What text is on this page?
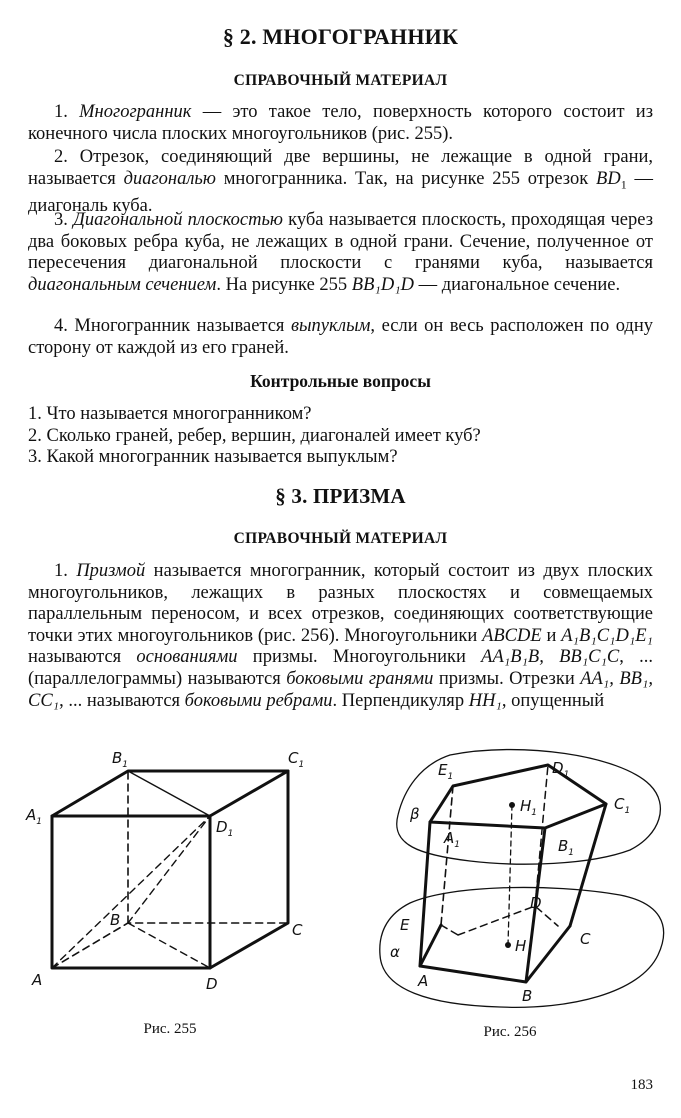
§ 2. МНОГОГРАННИК
СПРАВОЧНЫЙ МАТЕРИАЛ

1. Многогранник — это такое тело, поверхность которого состоит из конечного числа плоских многоугольников (рис. 255).

2. Отрезок, соединяющий две вершины, не лежащие в одной грани, называется диагональю многогранника. Так, на рисунке 255 отрезок $BD_1$ — диагональ куба.

3. Диагональной плоскостью куба называется плоскость, проходящая через два боковых ребра куба, не лежащих в одной грани. Сечение, полученное от пересечения диагональной плоскости с гранями куба, называется диагональным сечением. На рисунке 255 BB₁D₁D — диагональное сечение.

4. Многогранник называется выпуклым, если он весь расположен по одну сторону от каждой из его граней.

Контрольные вопросы
1. Что называется многогранником?
2. Сколько граней, ребер, вершин, диагоналей имеет куб?
3. Какой многогранник называется выпуклым?
§ 3. ПРИЗМА
СПРАВОЧНЫЙ МАТЕРИАЛ

1. Призмой называется многогранник, который состоит из двух плоских многоугольников, лежащих в разных плоскостях и совмещаемых параллельным переносом, и всех отрезков, соединяющих соответствующие точки этих многоугольников (рис. 256). Многоугольники ABCDE и A₁B₁C₁D₁E₁ называются основаниями призмы. Многоугольники AA₁B₁B, BB₁C₁C, ... (параллелограммы) называются боковыми гранями призмы. Отрезки AA₁, BB₁, CC₁, ... называются боковыми ребрами. Перпендикуляр HH₁, опущенный

$B_1$	$C_1$
$A_1$	$D_1$
B
C
A	D
Рис. 255
$E_1$	$D_1$
$C_1$
$H_1$
$A_1$	$B_1$
β
D
E
C
H
α
A
B
Рис. 256
183
